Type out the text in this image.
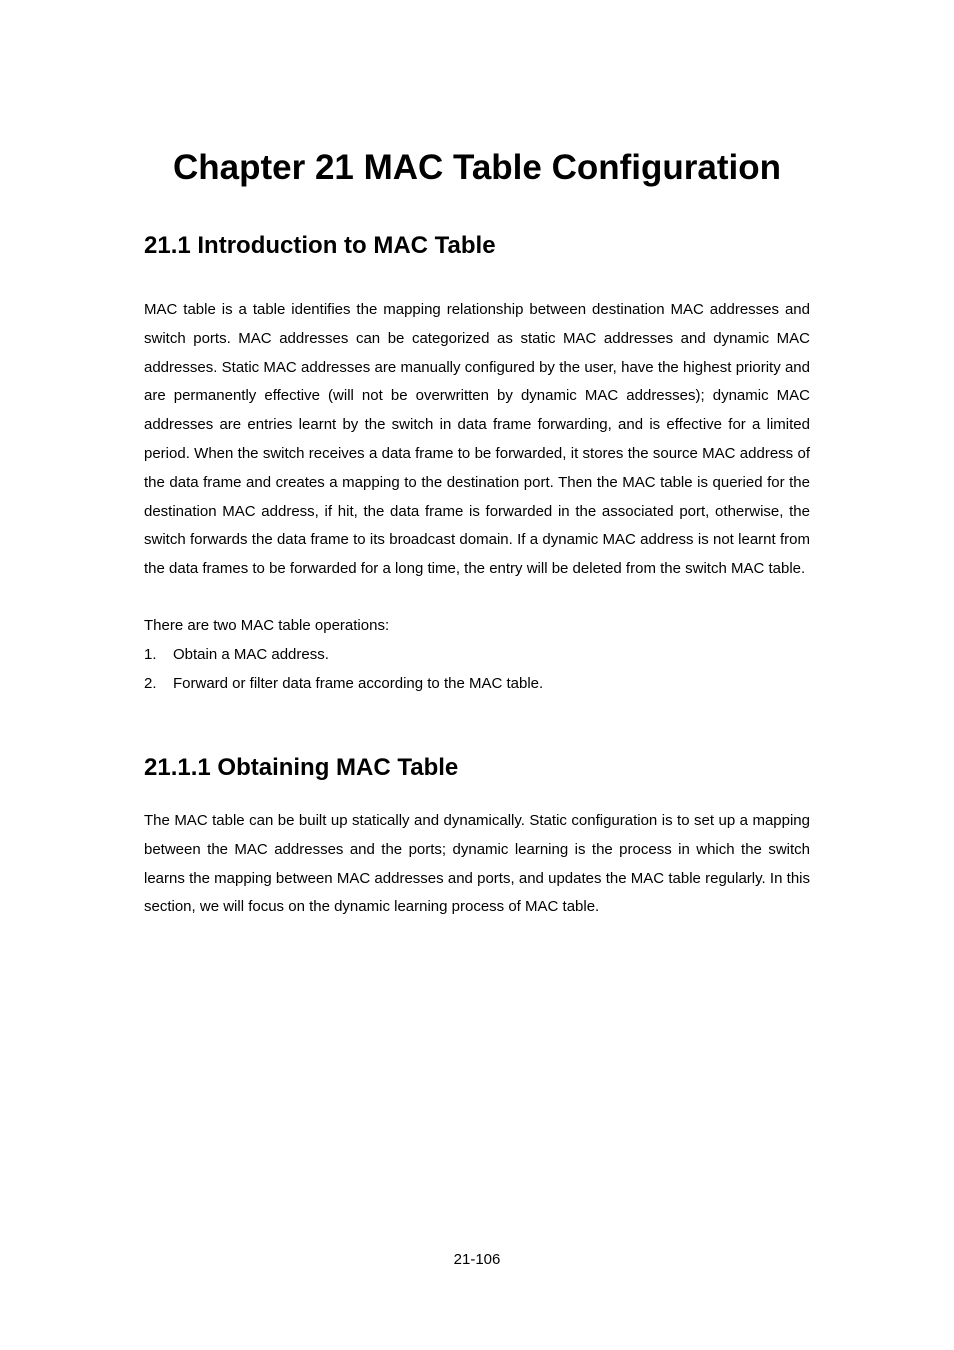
Chapter 21 MAC Table Configuration
21.1 Introduction to MAC Table

MAC table is a table identifies the mapping relationship between destination MAC addresses and switch ports. MAC addresses can be categorized as static MAC addresses and dynamic MAC addresses. Static MAC addresses are manually configured by the user, have the highest priority and are permanently effective (will not be overwritten by dynamic MAC addresses); dynamic MAC addresses are entries learnt by the switch in data frame forwarding, and is effective for a limited period. When the switch receives a data frame to be forwarded, it stores the source MAC address of the data frame and creates a mapping to the destination port. Then the MAC table is queried for the destination MAC address, if hit, the data frame is forwarded in the associated port, otherwise, the switch forwards the data frame to its broadcast domain. If a dynamic MAC address is not learnt from the data frames to be forwarded for a long time, the entry will be deleted from the switch MAC table.

There are two MAC table operations:

1. Obtain a MAC address.
2. Forward or filter data frame according to the MAC table.
21.1.1 Obtaining MAC Table

The MAC table can be built up statically and dynamically. Static configuration is to set up a mapping between the MAC addresses and the ports; dynamic learning is the process in which the switch learns the mapping between MAC addresses and ports, and updates the MAC table regularly. In this section, we will focus on the dynamic learning process of MAC table.

21-106
